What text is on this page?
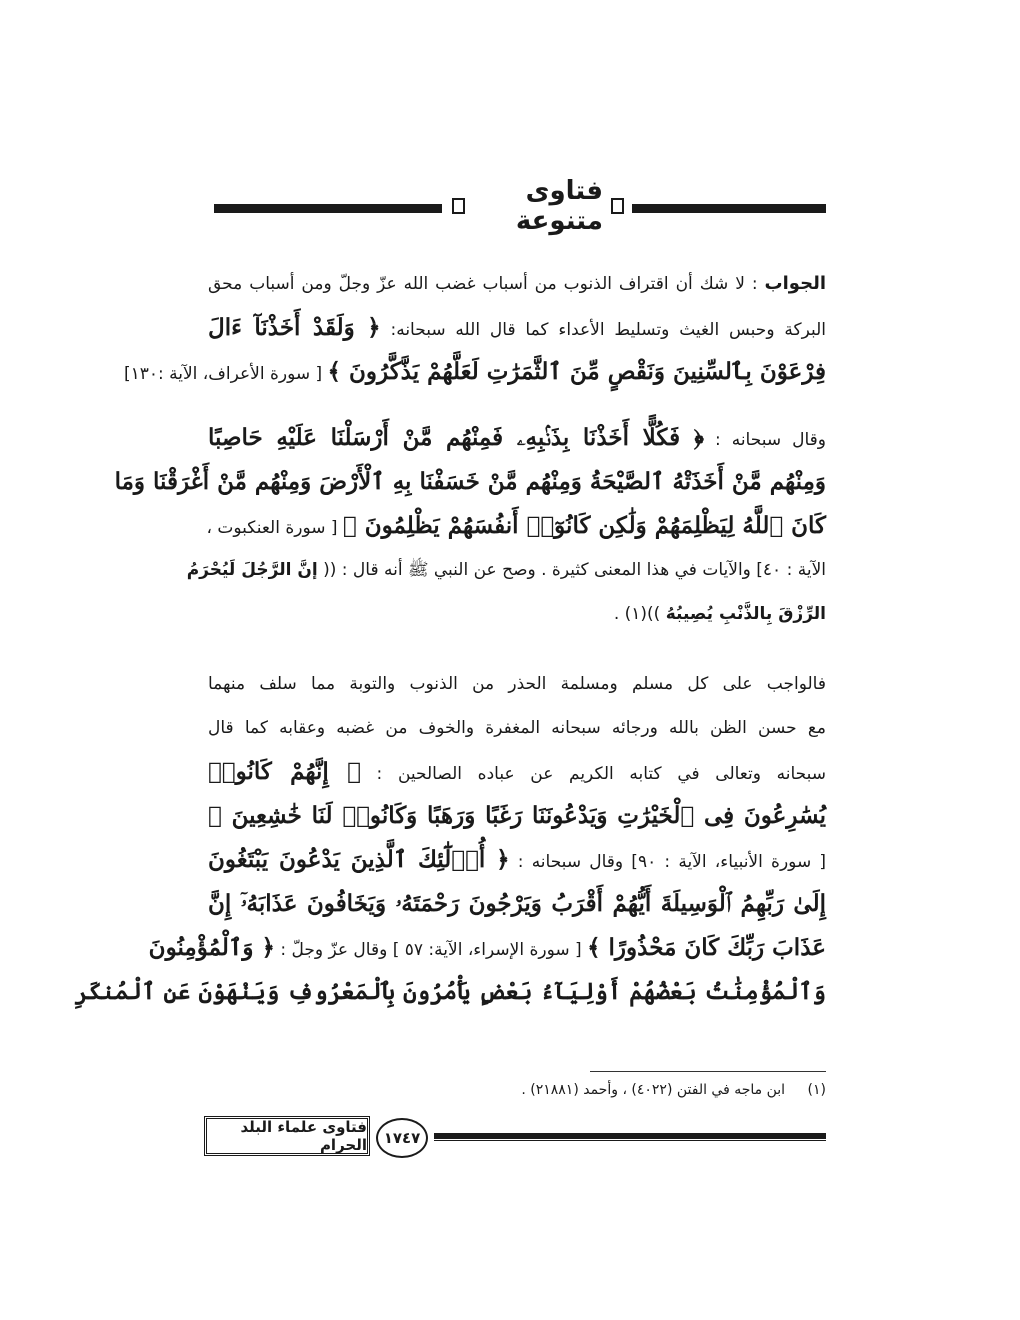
فتاوى متنوعة
الجواب : لا شك أن اقتراف الذنوب من أسباب غضب الله عزّ وجلّ ومن أسباب محق
البركة وحبس الغيث وتسليط الأعداء كما قال الله سبحانه: ﴿ وَلَقَدْ أَخَذْنَآ ءَالَ
فِرْعَوْنَ بِٱلسِّنِينَ وَنَقْصٍ مِّنَ ٱلثَّمَرَٰتِ لَعَلَّهُمْ يَذَّكَّرُونَ ﴾ [ سورة الأعراف، الآية :١٣٠]
وقال سبحانه : ﴿ فَكُلًّا أَخَذْنَا بِذَنۢبِهِۦ فَمِنْهُم مَّنْ أَرْسَلْنَا عَلَيْهِ حَاصِبًا
وَمِنْهُم مَّنْ أَخَذَتْهُ ٱلصَّيْحَةُ وَمِنْهُم مَّنْ خَسَفْنَا بِهِ ٱلْأَرْضَ وَمِنْهُم مَّنْ أَغْرَقْنَا وَمَا
كَانَ ٱللَّهُ لِيَظْلِمَهُمْ وَلَٰكِن كَانُوٓا۟ أَنفُسَهُمْ يَظْلِمُونَ ﴾ [ سورة العنكبوت ،
الآية : ٤٠] والآيات في هذا المعنى كثيرة . وصح عن النبي ﷺ أنه قال : (( إنَّ الرَّجُلَ لَيُحْرَمُ
الرِّزْقَ بِالذَّنْبِ يُصِيبُهُ ))(١) .
فالواجب على كل مسلم ومسلمة الحذر من الذنوب والتوبة مما سلف منهما
مع حسن الظن بالله ورجائه سبحانه المغفرة والخوف من غضبه وعقابه كما قال
سبحانه وتعالى في كتابه الكريم عن عباده الصالحين : ﴿ إِنَّهُمْ كَانُوا۟
يُسَٰرِعُونَ فِى ٱلْخَيْرَٰتِ وَيَدْعُونَنَا رَغَبًا وَرَهَبًا وَكَانُوا۟ لَنَا خَٰشِعِينَ ﴾
[ سورة الأنبياء، الآية : ٩٠] وقال سبحانه : ﴿ أُو۟لَٰٓئِكَ ٱلَّذِينَ يَدْعُونَ يَبْتَغُونَ
إِلَىٰ رَبِّهِمُ ٱلْوَسِيلَةَ أَيُّهُمْ أَقْرَبُ وَيَرْجُونَ رَحْمَتَهُۥ وَيَخَافُونَ عَذَابَهُۥٓ إِنَّ
عَذَابَ رَبِّكَ كَانَ مَحْذُورًا ﴾ [ سورة الإسراء، الآية: ٥٧ ] وقال عزّ وجلّ : ﴿ وَٱلْمُؤْمِنُونَ
وَٱلْمُؤْمِنَٰتُ بَعْضُهُمْ أَوْلِيَآءُ بَعْضٍ يَأْمُرُونَ بِٱلْمَعْرُوفِ وَيَنْهَوْنَ عَنِ ٱلْمُنكَرِ
(١) ابن ماجه في الفتن (٤٠٢٢) ، وأحمد (٢١٨٨١) .
١٧٤٧
فتاوى علماء البلد الحرام
